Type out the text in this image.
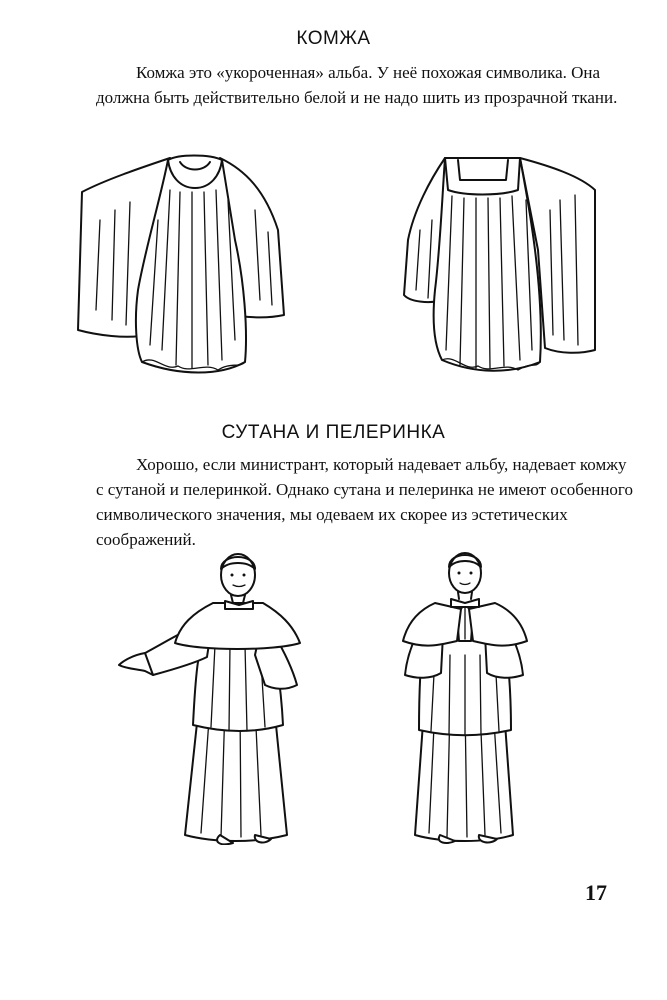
КОМЖА

Комжа это «укороченная» альба. У неё похожая символика. Она
должна быть действительно белой и не надо шить из прозрачной ткани.

СУТАНА И ПЕЛЕРИНКА

Хорошо, если министрант, который надевает альбу, надевает комжу
с сутаной и пелеринкой. Однако сутана и пелеринка не имеют особенного
символического значения, мы одеваем их скорее из эстетических
соображений.

17
